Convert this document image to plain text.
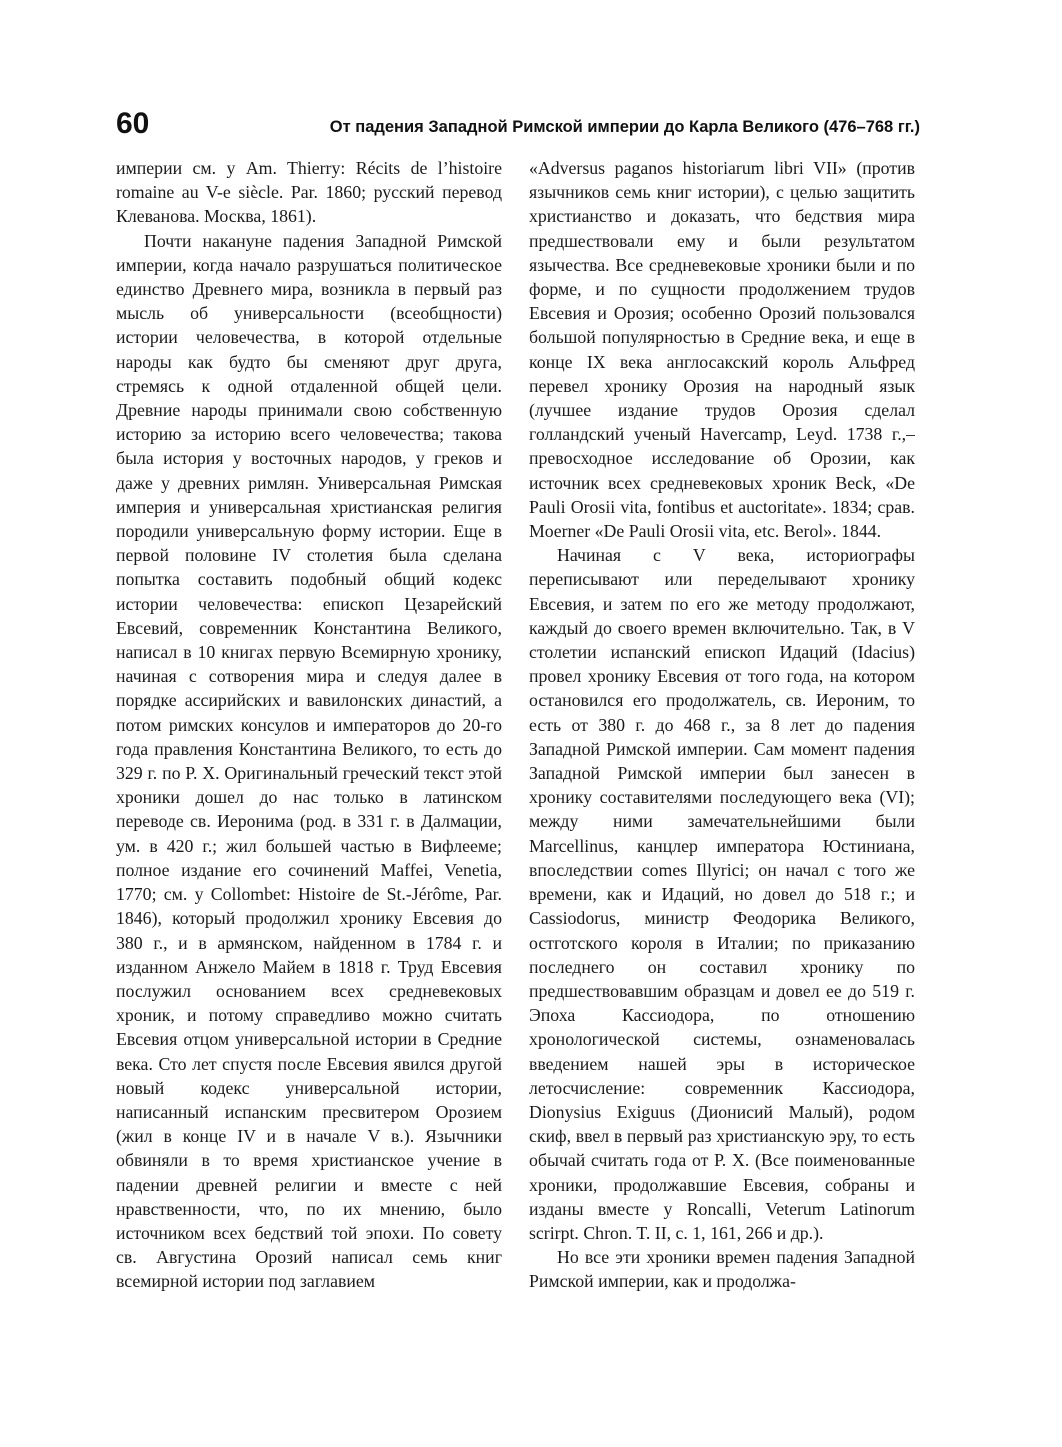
60	От падения Западной Римской империи до Карла Великого (476–768 гг.)

империи см. у Am. Thierry: Récits de l’histoire romaine au V-e siècle. Par. 1860; русский перевод Клеванова. Москва, 1861).

Почти накануне падения Западной Римской империи, когда начало разрушаться политическое единство Древнего мира, возникла в первый раз мысль об универсальности (всеобщности) истории человечества, в которой отдельные народы как будто бы сменяют друг друга, стремясь к одной отдаленной общей цели. Древние народы принимали свою собственную историю за историю всего человечества; такова была история у восточных народов, у греков и даже у древних римлян. Универсальная Римская империя и универсальная христианская религия породили универсальную форму истории. Еще в первой половине IV столетия была сделана попытка составить подобный общий кодекс истории человечества: епископ Цезарейский Евсевий, современник Константина Великого, написал в 10 книгах первую Всемирную хронику, начиная с сотворения мира и следуя далее в порядке ассирийских и вавилонских династий, а потом римских консулов и императоров до 20-го года правления Константина Великого, то есть до 329 г. по Р. Х. Оригинальный греческий текст этой хроники дошел до нас только в латинском переводе св. Иеронима (род. в 331 г. в Далмации, ум. в 420 г.; жил большей частью в Вифлееме; полное издание его сочинений Maffei, Venetia, 1770; см. у Collombet: Histoire de St.-Jérôme, Par. 1846), который продолжил хронику Евсевия до 380 г., и в армянском, найденном в 1784 г. и изданном Анжело Майем в 1818 г. Труд Евсевия послужил основанием всех средневековых хроник, и потому справедливо можно считать Евсевия отцом универсальной истории в Средние века. Сто лет спустя после Евсевия явился другой новый кодекс универсальной истории, написанный испанским пресвитером Орозием (жил в конце IV и в начале V в.). Язычники обвиняли в то время христианское учение в падении древней религии и вместе с ней нравственности, что, по их мнению, было источником всех бедствий той эпохи. По совету св. Августина Орозий написал семь книг всемирной истории под заглавием

«Adversus paganos historiarum libri VII» (против язычников семь книг истории), с целью защитить христианство и доказать, что бедствия мира предшествовали ему и были результатом язычества. Все средневековые хроники были и по форме, и по сущности продолжением трудов Евсевия и Орозия; особенно Орозий пользовался большой популярностью в Средние века, и еще в конце IX века англосакский король Альфред перевел хронику Орозия на народный язык (лучшее издание трудов Орозия сделал голландский ученый Havercamp, Leyd. 1738 г.,– превосходное исследование об Орозии, как источник всех средневековых хроник Beck, «De Pauli Orosii vita, fontibus et auctoritate». 1834; срав. Moerner «De Pauli Orosii vita, etc. Berol». 1844.

Начиная с V века, историографы переписывают или переделывают хронику Евсевия, и затем по его же методу продолжают, каждый до своего времен включительно. Так, в V столетии испанский епископ Идаций (Idacius) провел хронику Евсевия от того года, на котором остановился его продолжатель, св. Иероним, то есть от 380 г. до 468 г., за 8 лет до падения Западной Римской империи. Сам момент падения Западной Римской империи был занесен в хронику составителями последующего века (VI); между ними замечательнейшими были Marcellinus, канцлер императора Юстиниана, впоследствии comes Illyrici; он начал с того же времени, как и Идаций, но довел до 518 г.; и Cassiodorus, министр Феодорика Великого, остготского короля в Италии; по приказанию последнего он составил хронику по предшествовавшим образцам и довел ее до 519 г. Эпоха Кассиодора, по отношению хронологической системы, ознаменовалась введением нашей эры в историческое летосчисление: современник Кассиодора, Dionysius Exiguus (Дионисий Малый), родом скиф, ввел в первый раз христианскую эру, то есть обычай считать года от Р. Х. (Все поименованные хроники, продолжавшие Евсевия, собраны и изданы вместе у Roncalli, Veterum Latinorum scrirpt. Chron. T. II, c. 1, 161, 266 и др.).

Но все эти хроники времен падения Западной Римской империи, как и продолжа-
